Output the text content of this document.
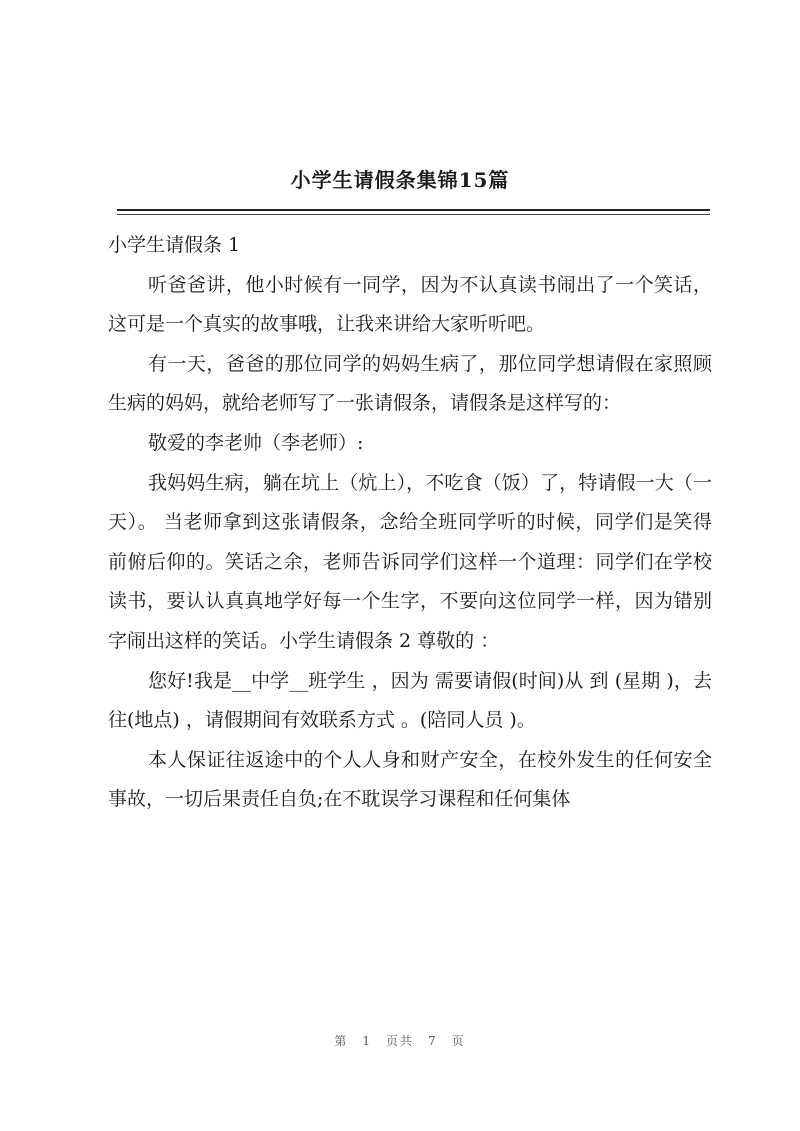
小学生请假条集锦15篇

小学生请假条 1

听爸爸讲，他小时候有一同学，因为不认真读书闹出了一个笑话，这可是一个真实的故事哦，让我来讲给大家听听吧。

有一天，爸爸的那位同学的妈妈生病了，那位同学想请假在家照顾生病的妈妈，就给老师写了一张请假条，请假条是这样写的：

敬爱的李老帅（李老师）:

我妈妈生病，躺在坑上（炕上），不吃食（饭）了，特请假一大（一天）。 当老师拿到这张请假条，念给全班同学听的时候，同学们是笑得前俯后仰的。笑话之余，老师告诉同学们这样一个道理：同学们在学校读书，要认认真真地学好每一个生字，不要向这位同学一样，因为错别字闹出这样的笑话。小学生请假条 2 尊敬的 ：

您好!我是__中学__班学生 ，因为 需要请假(时间)从 到 (星期 )，去往(地点) ，请假期间有效联系方式 。(陪同人员 )。

本人保证往返途中的个人人身和财产安全，在校外发生的任何安全事故，一切后果责任自负;在不耽误学习课程和任何集体

第 1 页共 7 页
